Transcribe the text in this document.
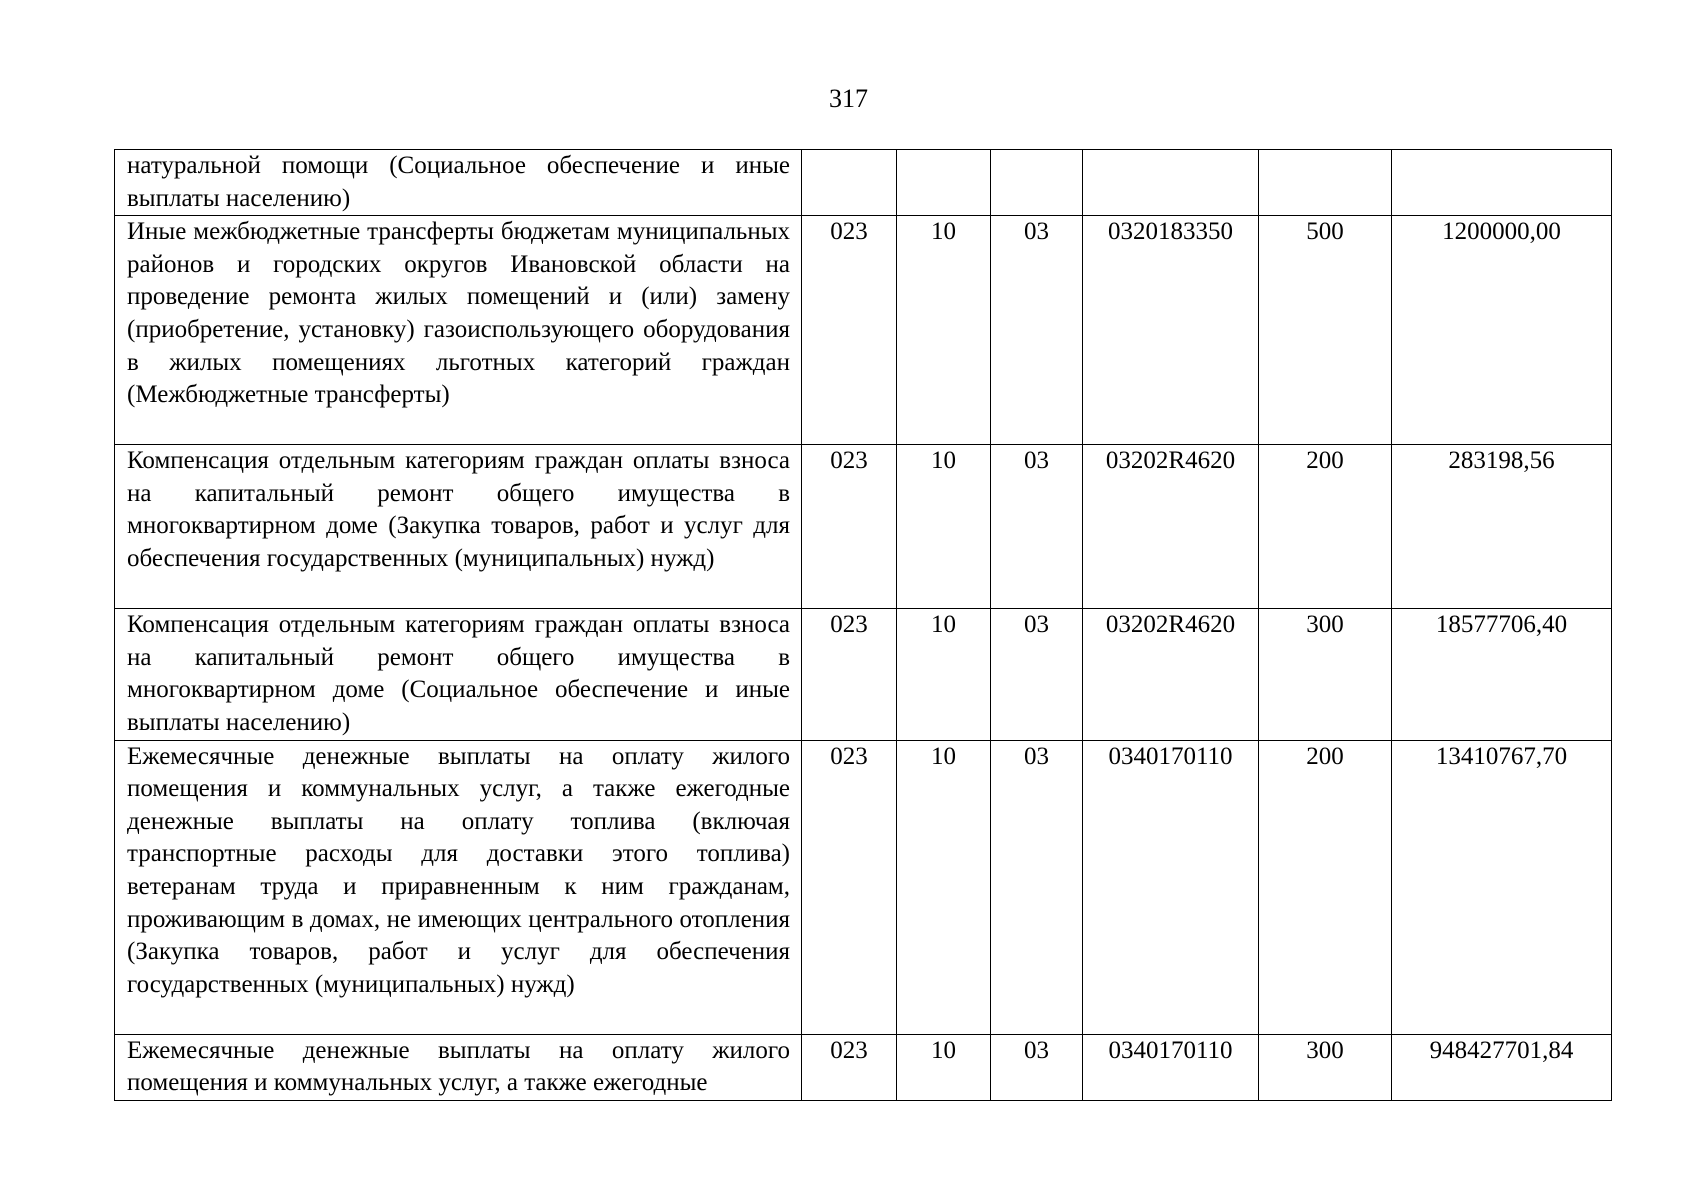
317
натуральной помощи (Социальное обеспечение и иные выплаты населению)						
Иные межбюджетные трансферты бюджетам муниципальных районов и городских округов Ивановской области на проведение ремонта жилых помещений и (или) замену (приобретение, установку) газоиспользующего оборудования в жилых помещениях льготных категорий граждан (Межбюджетные трансферты)	023	10	03	0320183350	500	1200000,00
Компенсация отдельным категориям граждан оплаты взноса на капитальный ремонт общего имущества в многоквартирном доме (Закупка товаров, работ и услуг для обеспечения государственных (муниципальных) нужд)	023	10	03	03202R4620	200	283198,56
Компенсация отдельным категориям граждан оплаты взноса на капитальный ремонт общего имущества в многоквартирном доме (Социальное обеспечение и иные выплаты населению)	023	10	03	03202R4620	300	18577706,40
Ежемесячные денежные выплаты на оплату жилого помещения и коммунальных услуг, а также ежегодные денежные выплаты на оплату топлива (включая транспортные расходы для доставки этого топлива) ветеранам труда и приравненным к ним гражданам, проживающим в домах, не имеющих центрального отопления (Закупка товаров, работ и услуг для обеспечения государственных (муниципальных) нужд)	023	10	03	0340170110	200	13410767,70
Ежемесячные денежные выплаты на оплату жилого помещения и коммунальных услуг, а также ежегодные	023	10	03	0340170110	300	948427701,84
